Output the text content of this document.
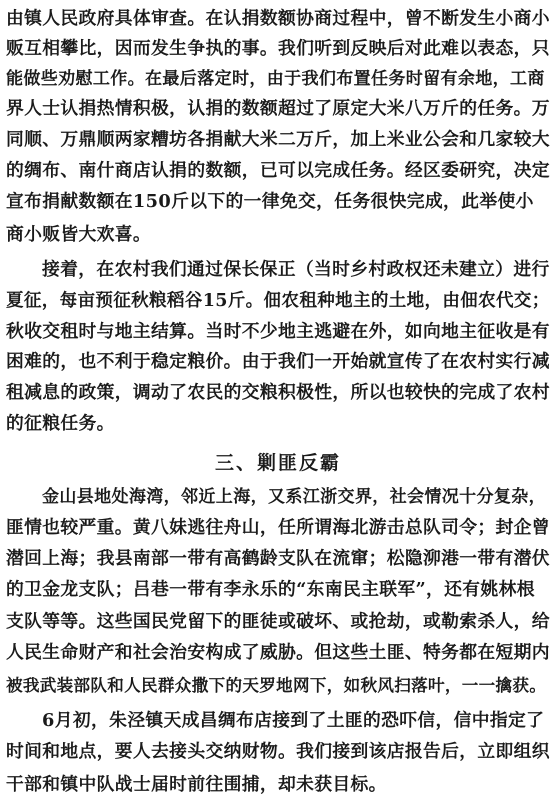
由镇人民政府具体审查。在认捐数额协商过程中，曾不断发生小商小
贩互相攀比，因而发生争执的事。我们听到反映后对此难以表态，只
能做些劝慰工作。在最后落定时，由于我们布置任务时留有余地，工商
界人士认捐热情积极，认捐的数额超过了原定大米八万斤的任务。万
同顺、万鼎顺两家糟坊各捐献大米二万斤，加上米业公会和几家较大
的绸布、南什商店认捐的数额，已可以完成任务。经区委研究，决定
宣布捐献数额在150斤以下的一律免交，任务很快完成，此举使小
商小贩皆大欢喜。
接着，在农村我们通过保长保正（当时乡村政权还未建立）进行
夏征，每亩预征秋粮稻谷15斤。佃农租种地主的土地，由佃农代交；
秋收交租时与地主结算。当时不少地主逃避在外，如向地主征收是有
困难的，也不利于稳定粮价。由于我们一开始就宣传了在农村实行减
租减息的政策，调动了农民的交粮积极性，所以也较快的完成了农村
的征粮任务。
三、剿匪反霸
金山县地处海湾，邻近上海，又系江浙交界，社会情况十分复杂，
匪情也较严重。黄八妹逃往舟山，任所谓海北游击总队司令；封企曾
潜回上海；我县南部一带有高鹤龄支队在流窜；松隐泖港一带有潜伏
的卫金龙支队；吕巷一带有李永乐的“东南民主联军”，还有姚林根
支队等等。这些国民党留下的匪徒或破坏、或抢劫，或勒索杀人，给
人民生命财产和社会治安构成了威胁。但这些土匪、特务都在短期内
被我武装部队和人民群众撒下的天罗地网下，如秋风扫落叶，一一擒获。
6月初，朱泾镇天成昌绸布店接到了土匪的恐吓信，信中指定了
时间和地点，要人去接头交纳财物。我们接到该店报告后，立即组织
干部和镇中队战士届时前往围捕，却未获目标。
